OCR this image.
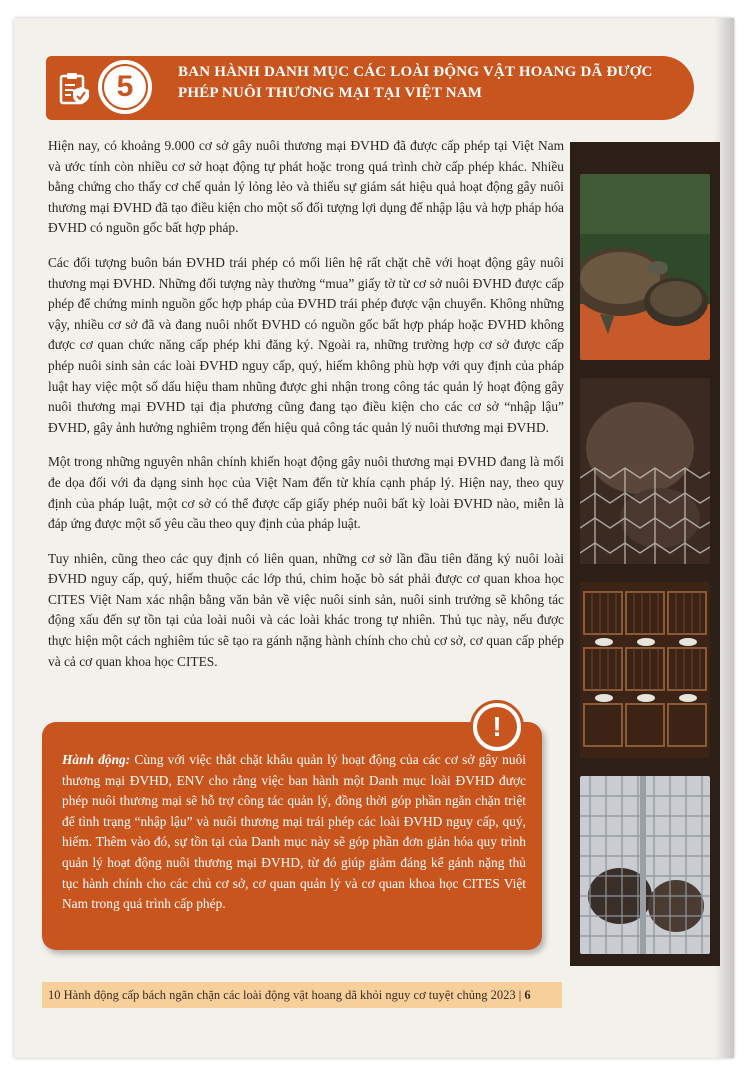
5	BAN HÀNH DANH MỤC CÁC LOÀI ĐỘNG VẬT HOANG DÃ ĐƯỢC
PHÉP NUÔI THƯƠNG MẠI TẠI VIỆT NAM

Hiện nay, có khoảng 9.000 cơ sở gây nuôi thương mại ĐVHD đã được cấp phép tại Việt Nam và ước tính còn nhiều cơ sở hoạt động tự phát hoặc trong quá trình chờ cấp phép khác. Nhiều bằng chứng cho thấy cơ chế quản lý lỏng lẻo và thiếu sự giám sát hiệu quả hoạt động gây nuôi thương mại ĐVHD đã tạo điều kiện cho một số đối tượng lợi dụng để nhập lậu và hợp pháp hóa ĐVHD có nguồn gốc bất hợp pháp.

Các đối tượng buôn bán ĐVHD trái phép có mối liên hệ rất chặt chẽ với hoạt động gây nuôi thương mại ĐVHD. Những đối tượng này thường “mua” giấy tờ từ cơ sở nuôi ĐVHD được cấp phép để chứng minh nguồn gốc hợp pháp của ĐVHD trái phép được vận chuyển. Không những vậy, nhiều cơ sở đã và đang nuôi nhốt ĐVHD có nguồn gốc bất hợp pháp hoặc ĐVHD không được cơ quan chức năng cấp phép khi đăng ký. Ngoài ra, những trường hợp cơ sở được cấp phép nuôi sinh sản các loài ĐVHD nguy cấp, quý, hiếm không phù hợp với quy định của pháp luật hay việc một số dấu hiệu tham nhũng được ghi nhận trong công tác quản lý hoạt động gây nuôi thương mại ĐVHD tại địa phương cũng đang tạo điều kiện cho các cơ sở “nhập lậu” ĐVHD, gây ảnh hưởng nghiêm trọng đến hiệu quả công tác quản lý nuôi thương mại ĐVHD.

Một trong những nguyên nhân chính khiến hoạt động gây nuôi thương mại ĐVHD đang là mối đe dọa đối với đa dạng sinh học của Việt Nam đến từ khía cạnh pháp lý. Hiện nay, theo quy định của pháp luật, một cơ sở có thể được cấp giấy phép nuôi bất kỳ loài ĐVHD nào, miễn là đáp ứng được một số yêu cầu theo quy định của pháp luật.

Tuy nhiên, cũng theo các quy định có liên quan, những cơ sở lần đầu tiên đăng ký nuôi loài ĐVHD nguy cấp, quý, hiếm thuộc các lớp thú, chim hoặc bò sát phải được cơ quan khoa học CITES Việt Nam xác nhận bằng văn bản về việc nuôi sinh sản, nuôi sinh trưởng sẽ không tác động xấu đến sự tồn tại của loài nuôi và các loài khác trong tự nhiên. Thủ tục này, nếu được thực hiện một cách nghiêm túc sẽ tạo ra gánh nặng hành chính cho chủ cơ sở, cơ quan cấp phép và cả cơ quan khoa học CITES.

!
Hành động: Cùng với việc thắt chặt khâu quản lý hoạt động của các cơ sở gây nuôi thương mại ĐVHD, ENV cho rằng việc ban hành một Danh mục loài ĐVHD được phép nuôi thương mại sẽ hỗ trợ công tác quản lý, đồng thời góp phần ngăn chặn triệt để tình trạng “nhập lậu” và nuôi thương mại trái phép các loài ĐVHD nguy cấp, quý, hiếm. Thêm vào đó, sự tồn tại của Danh mục này sẽ góp phần đơn giản hóa quy trình quản lý hoạt động nuôi thương mại ĐVHD, từ đó giúp giảm đáng kể gánh nặng thủ tục hành chính cho các chủ cơ sở, cơ quan quản lý và cơ quan khoa học CITES Việt Nam trong quá trình cấp phép.
10 Hành động cấp bách ngăn chặn các loài động vật hoang dã khỏi nguy cơ tuyệt chủng 2023 | 6
